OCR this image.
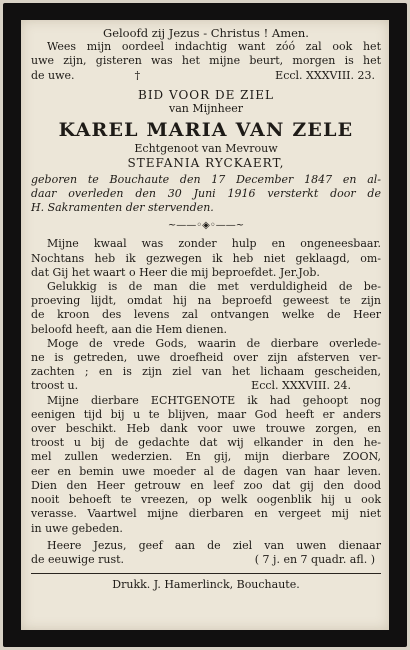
Geloofd zij Jezus - Christus ! Amen.
Wees mijn oordeel indachtig want zóó zal ook het
uwe zijn, gisteren was het mijne beurt, morgen is het
de uwe.	†	Eccl. XXXVIII. 23.
BID VOOR DE ZIEL
van Mijnheer
KAREL MARIA VAN ZELE
Echtgenoot van Mevrouw
STEFANIA RYCKAERT,
geboren te Bouchaute den 17 December 1847 en al-
daar overleden den 30 Juni 1916 versterkt door de
H. Sakramenten der stervenden.
~——◦◈◦——~
Mijne kwaal was zonder hulp en ongeneesbaar.
Nochtans heb ik gezwegen ik heb niet geklaagd, om-
dat Gij het waart o Heer die mij beproefdet. Jer.Job.
Gelukkig is de man die met verduldigheid de be-
proeving lijdt, omdat hij na beproefd geweest te zijn
de kroon des levens zal ontvangen welke de Heer
beloofd heeft, aan die Hem dienen.
Moge de vrede Gods, waarin de dierbare overlede-
ne is getreden, uwe droefheid over zijn afsterven ver-
zachten ; en is zijn ziel van het lichaam gescheiden,
troost u.	Eccl. XXXVIII. 24.
Mijne dierbare ECHTGENOTE ik had gehoopt nog
eenigen tijd bij u te blijven, maar God heeft er anders
over beschikt. Heb dank voor uwe trouwe zorgen, en
troost u bij de gedachte dat wij elkander in den he-
mel zullen wederzien. En gij, mijn dierbare ZOON,
eer en bemin uwe moeder al de dagen van haar leven.
Dien den Heer getrouw en leef zoo dat gij den dood
nooit behoeft te vreezen, op welk oogenblik hij u ook
verasse. Vaartwel mijne dierbaren en vergeet mij niet
in uwe gebeden.
Heere Jezus, geef aan de ziel van uwen dienaar
de eeuwige rust.	( 7 j. en 7 quadr. afl. )
Drukk. J. Hamerlinck, Bouchaute.
